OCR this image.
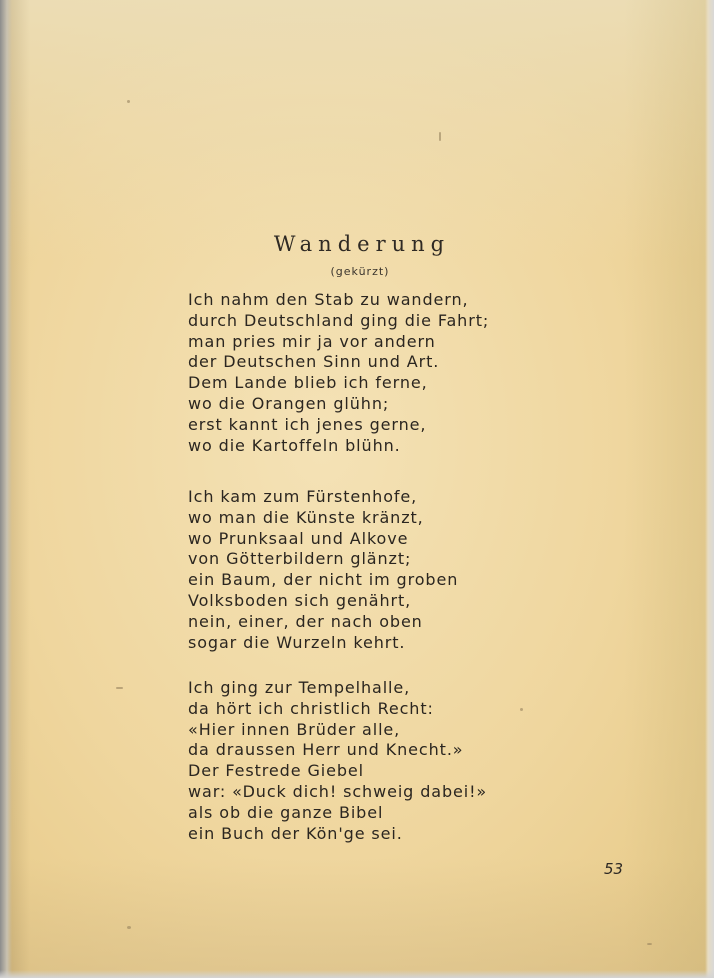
Wanderung
(gekürzt)
Ich nahm den Stab zu wandern,
durch Deutschland ging die Fahrt;
man pries mir ja vor andern
der Deutschen Sinn und Art.
Dem Lande blieb ich ferne,
wo die Orangen glühn;
erst kannt ich jenes gerne,
wo die Kartoffeln blühn.
Ich kam zum Fürstenhofe,
wo man die Künste kränzt,
wo Prunksaal und Alkove
von Götterbildern glänzt;
ein Baum, der nicht im groben
Volksboden sich genährt,
nein, einer, der nach oben
sogar die Wurzeln kehrt.
Ich ging zur Tempelhalle,
da hört ich christlich Recht:
«Hier innen Brüder alle,
da draussen Herr und Knecht.»
Der Festrede Giebel
war: «Duck dich! schweig dabei!»
als ob die ganze Bibel
ein Buch der Kön'ge sei.
53
